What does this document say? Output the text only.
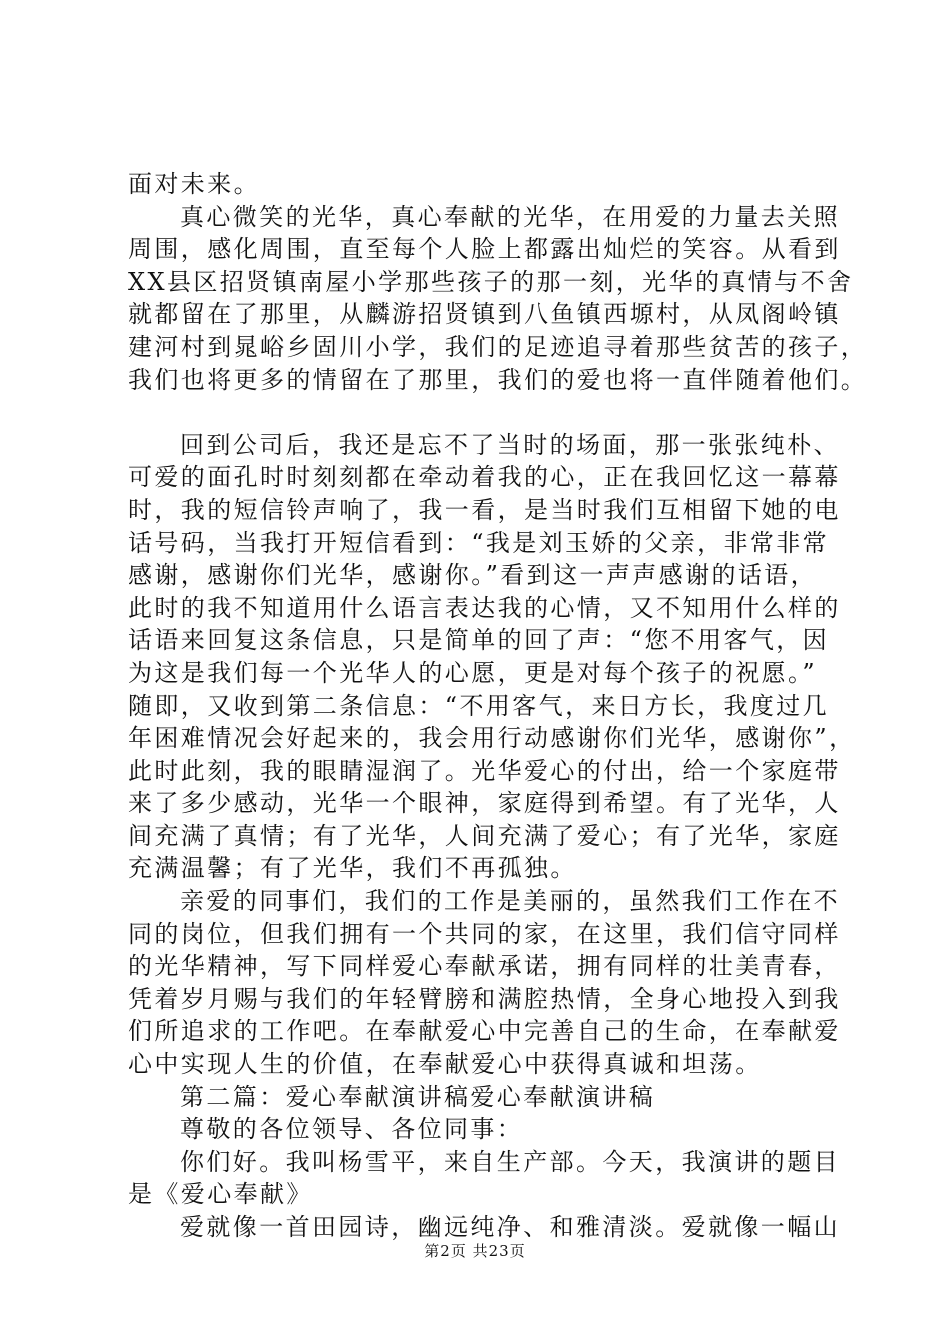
面对未来。
真心微笑的光华，真心奉献的光华，在用爱的力量去关照
周围，感化周围，直至每个人脸上都露出灿烂的笑容。从看到
XX县区招贤镇南屋小学那些孩子的那一刻，光华的真情与不舍
就都留在了那里，从麟游招贤镇到八鱼镇西塬村，从凤阁岭镇
建河村到晁峪乡固川小学，我们的足迹追寻着那些贫苦的孩子，
我们也将更多的情留在了那里，我们的爱也将一直伴随着他们。
回到公司后，我还是忘不了当时的场面，那一张张纯朴、
可爱的面孔时时刻刻都在牵动着我的心，正在我回忆这一幕幕
时，我的短信铃声响了，我一看，是当时我们互相留下她的电
话号码，当我打开短信看到：“我是刘玉娇的父亲，非常非常
感谢，感谢你们光华，感谢你。”看到这一声声感谢的话语，
此时的我不知道用什么语言表达我的心情，又不知用什么样的
话语来回复这条信息，只是简单的回了声：“您不用客气，因
为这是我们每一个光华人的心愿，更是对每个孩子的祝愿。”
随即，又收到第二条信息：“不用客气，来日方长，我度过几
年困难情况会好起来的，我会用行动感谢你们光华，感谢你”，
此时此刻，我的眼睛湿润了。光华爱心的付出，给一个家庭带
来了多少感动，光华一个眼神，家庭得到希望。有了光华，人
间充满了真情；有了光华，人间充满了爱心；有了光华，家庭
充满温馨；有了光华，我们不再孤独。
亲爱的同事们，我们的工作是美丽的，虽然我们工作在不
同的岗位，但我们拥有一个共同的家，在这里，我们信守同样
的光华精神，写下同样爱心奉献承诺，拥有同样的壮美青春，
凭着岁月赐与我们的年轻臂膀和满腔热情，全身心地投入到我
们所追求的工作吧。在奉献爱心中完善自己的生命，在奉献爱
心中实现人生的价值，在奉献爱心中获得真诚和坦荡。
第二篇：爱心奉献演讲稿爱心奉献演讲稿
尊敬的各位领导、各位同事：
你们好。我叫杨雪平，来自生产部。今天，我演讲的题目
是《爱心奉献》
爱就像一首田园诗，幽远纯净、和雅清淡。爱就像一幅山
第2页 共23页
